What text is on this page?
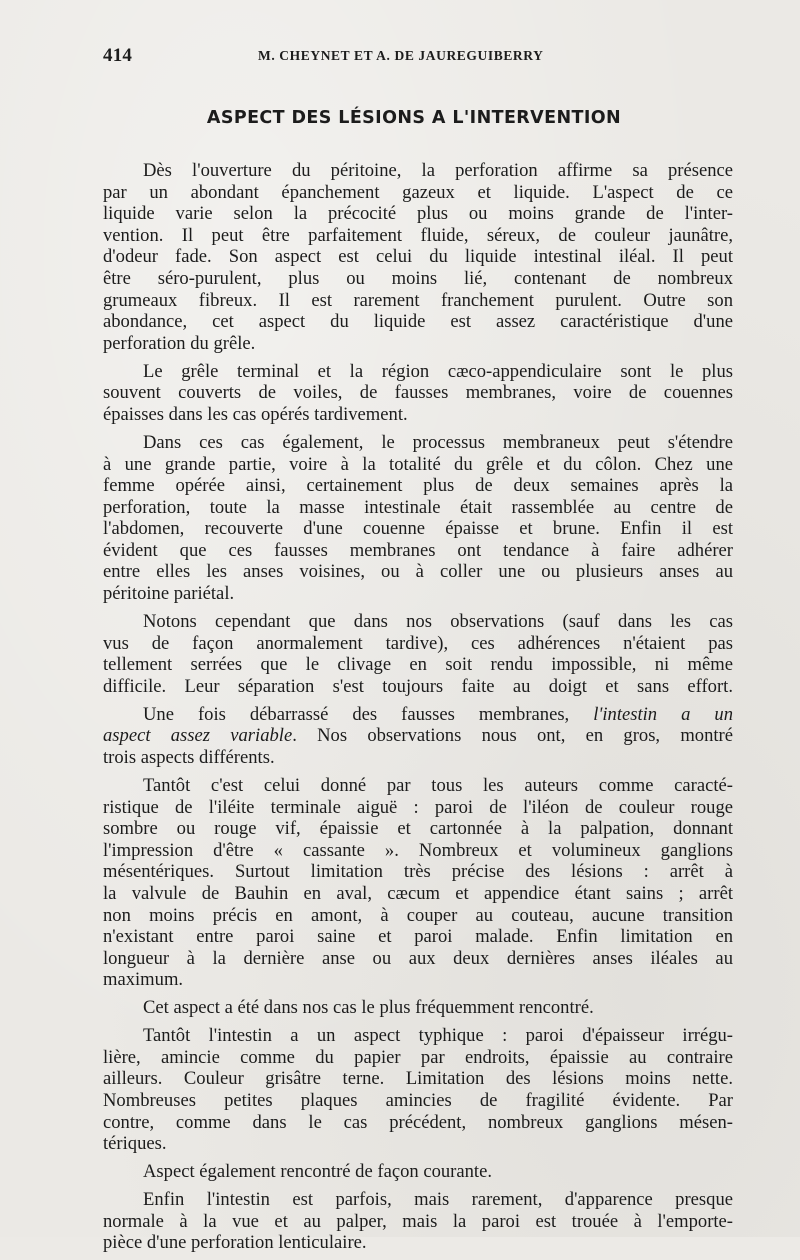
414	M. CHEYNET ET A. DE JAUREGUIBERRY
ASPECT DES LÉSIONS A L'INTERVENTION
Dès l'ouverture du péritoine, la perforation affirme sa présence
par un abondant épanchement gazeux et liquide. L'aspect de ce
liquide varie selon la précocité plus ou moins grande de l'inter-
vention. Il peut être parfaitement fluide, séreux, de couleur jaunâtre,
d'odeur fade. Son aspect est celui du liquide intestinal iléal. Il peut
être séro-purulent, plus ou moins lié, contenant de nombreux
grumeaux fibreux. Il est rarement franchement purulent. Outre son
abondance, cet aspect du liquide est assez caractéristique d'une
perforation du grêle.
Le grêle terminal et la région cæco-appendiculaire sont le plus
souvent couverts de voiles, de fausses membranes, voire de couennes
épaisses dans les cas opérés tardivement.
Dans ces cas également, le processus membraneux peut s'étendre
à une grande partie, voire à la totalité du grêle et du côlon. Chez une
femme opérée ainsi, certainement plus de deux semaines après la
perforation, toute la masse intestinale était rassemblée au centre de
l'abdomen, recouverte d'une couenne épaisse et brune. Enfin il est
évident que ces fausses membranes ont tendance à faire adhérer
entre elles les anses voisines, ou à coller une ou plusieurs anses au
péritoine pariétal.
Notons cependant que dans nos observations (sauf dans les cas
vus de façon anormalement tardive), ces adhérences n'étaient pas
tellement serrées que le clivage en soit rendu impossible, ni même
difficile. Leur séparation s'est toujours faite au doigt et sans effort.
Une fois débarrassé des fausses membranes, l'intestin a un
aspect assez variable. Nos observations nous ont, en gros, montré
trois aspects différents.
Tantôt c'est celui donné par tous les auteurs comme caracté-
ristique de l'iléite terminale aiguë : paroi de l'iléon de couleur rouge
sombre ou rouge vif, épaissie et cartonnée à la palpation, donnant
l'impression d'être « cassante ». Nombreux et volumineux ganglions
mésentériques. Surtout limitation très précise des lésions : arrêt à
la valvule de Bauhin en aval, cæcum et appendice étant sains ; arrêt
non moins précis en amont, à couper au couteau, aucune transition
n'existant entre paroi saine et paroi malade. Enfin limitation en
longueur à la dernière anse ou aux deux dernières anses iléales au
maximum.
Cet aspect a été dans nos cas le plus fréquemment rencontré.
Tantôt l'intestin a un aspect typhique : paroi d'épaisseur irrégu-
lière, amincie comme du papier par endroits, épaissie au contraire
ailleurs. Couleur grisâtre terne. Limitation des lésions moins nette.
Nombreuses petites plaques amincies de fragilité évidente. Par
contre, comme dans le cas précédent, nombreux ganglions mésen-
tériques.
Aspect également rencontré de façon courante.
Enfin l'intestin est parfois, mais rarement, d'apparence presque
normale à la vue et au palper, mais la paroi est trouée à l'emporte-
pièce d'une perforation lenticulaire.
